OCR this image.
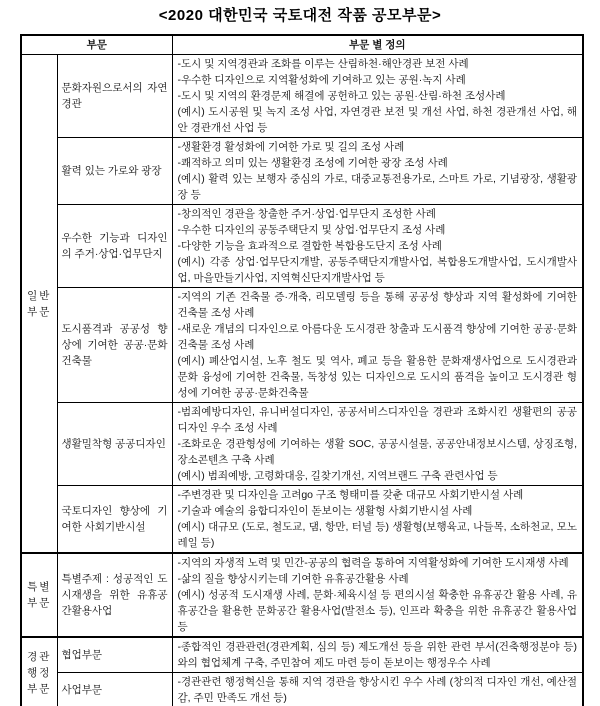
<2020 대한민국 국토대전 작품 공모부문>
부문		부문 별 정의
일반부문	문화자원으로서의 자연경관	-도시 및 지역경관과 조화를 이루는 산림하천·해안경관 보전 사례
-우수한 디자인으로 지역활성화에 기여하고 있는 공원·녹지 사례
-도시 및 지역의 환경문제 해결에 공헌하고 있는 공원·산림·하천 조성사례
(예시) 도시공원 및 녹지 조성 사업, 자연경관 보전 및 개선 사업, 하천 경관개선 사업, 해안 경관개선 사업 등

	활력 있는 가로와 광장	-생활환경 활성화에 기여한 가로 및 길의 조성 사례
-쾌적하고 의미 있는 생활환경 조성에 기여한 광장 조성 사례
(예시) 활력 있는 보행자 중심의 가로, 대중교통전용가로, 스마트 가로, 기념광장, 생활광장 등

	우수한 기능과 디자인의 주거·상업·업무단지	-창의적인 경관을 창출한 주거·상업·업무단지 조성한 사례
-우수한 디자인의 공동주택단지 및 상업·업무단지 조성 사례
-다양한 기능을 효과적으로 결합한 복합용도단지 조성 사례
(예시) 각종 상업·업무단지개발, 공동주택단지개발사업, 복합용도개발사업, 도시개발사업, 마을만들기사업, 지역혁신단지개발사업 등

	도시품격과 공공성 향상에 기여한 공공·문화건축물	-지역의 기존 건축물 증·개축, 리모델링 등을 통해 공공성 향상과 지역 활성화에 기여한 건축물 조성 사례
-새로운 개념의 디자인으로 아름다운 도시경관 창출과 도시품격 향상에 기여한 공공·문화건축물 조성 사례
(예시) 폐산업시설, 노후 철도 및 역사, 폐교 등을 활용한 문화재생사업으로 도시경관과 문화 융성에 기여한 건축물, 독창성 있는 디자인으로 도시의 품격을 높이고 도시경관 형성에 기여한 공공·문화건축물

	생활밀착형 공공디자인	-범죄예방디자인, 유니버설디자인, 공공서비스디자인을 경관과 조화시킨 생활편의 공공디자인 우수 조성 사례
-조화로운 경관형성에 기여하는 생활 SOC, 공공시설물, 공공안내정보시스템, 상징조형, 장소콘텐츠 구축 사례
(예시) 범죄예방, 고령화대응, 길찾기개선, 지역브랜드 구축 관련사업 등

	국토디자인 향상에 기여한 사회기반시설	-주변경관 및 디자인을 고려go 구조 형태미를 갖춘 대규모 사회기반시설 사례
-기술과 예술의 융합디자인이 돋보이는 생활형 사회기반시설 사례
(예시) 대규모 (도로, 철도교, 댐, 항만, 터널 등) 생활형(보행육교, 나들목, 소하천교, 모노레일 등)

특별부문	특별주제 : 성공적인 도시재생을 위한 유휴공간활용사업	-지역의 자생적 노력 및 민간-공공의 협력을 통하여 지역활성화에 기여한 도시재생 사례
-삶의 질을 향상시키는데 기여한 유휴공간활용 사례
(예시) 성공적 도시재생 사례, 문화·체육시설 등 편의시설 확충한 유휴공간 활용 사례, 유휴공간을 활용한 문화공간 활용사업(발전소 등), 인프라 확충을 위한 유휴공간 활용사업 등

경관행정부문	협업부문	-종합적인 경관관련(경관계획, 심의 등) 제도개선 등을 위한 관련 부서(건축행정분야 등)와의 협업체계 구축, 주민참여 제도 마련 등이 돋보이는 행정우수 사례

	사업부문	-경관관련 행정혁신을 통해 지역 경관을 향상시킨 우수 사례 (창의적 디자인 개선, 예산절감, 주민 만족도 개선 등)
